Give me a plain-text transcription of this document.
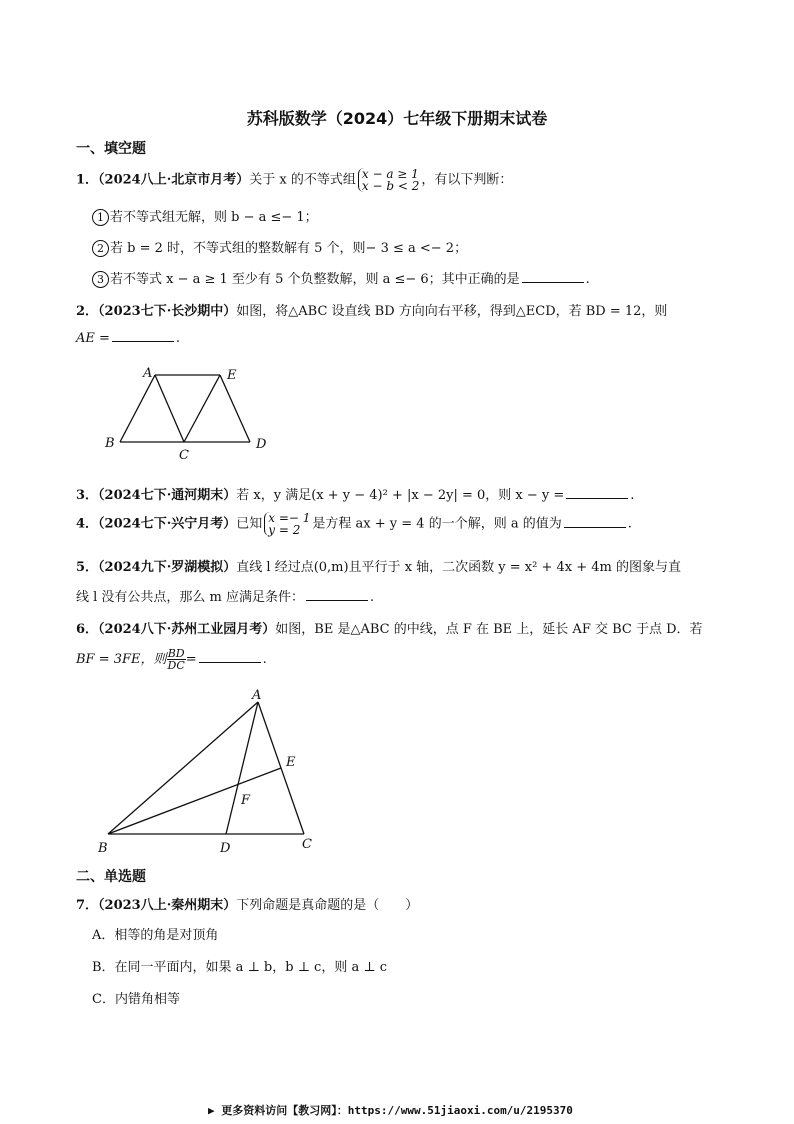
苏科版数学（2024）七年级下册期末试卷
一、填空题
1．（2024八上·北京市月考）关于 x 的不等式组 x − a ≥ 1
x − b < 2 ，有以下判断：
1 若不等式组无解，则 b − a ≤− 1；
2 若 b = 2 时，不等式组的整数解有 5 个，则− 3 ≤ a <− 2；
3 若不等式 x − a ≥ 1 至少有 5 个负整数解，则 a ≤− 6；其中正确的是	.
2．（2023七下·长沙期中）如图，将△ABC 设直线 BD 方向向右平移，得到△ECD，若 BD = 12，则
AE =	.
A	E
B
C
D
3．（2024七下·通河期末）若 x，y 满足(x + y − 4)² + |x − 2y| = 0，则 x − y =	.
4．（2024七下·兴宁月考）已知 x =− 1
y = 2 是方程 ax + y = 4 的一个解，则 a 的值为	.
5．（2024九下·罗湖模拟）直线 l 经过点(0,m)且平行于 x 轴，二次函数 y = x² + 4x + 4m 的图象与直
线 l 没有公共点，那么 m 应满足条件：	.
6．（2024八下·苏州工业园月考）如图，BE 是△ABC 的中线，点 F 在 BE 上，延长 AF 交 BC 于点 D．若
BF = 3FE，则 $\frac{BD}{DC}$ =	.
A
E
F
B	D	C
二、单选题
7．（2023八上·秦州期末）下列命题是真命题的是（　　）
A．相等的角是对顶角
B．在同一平面内，如果 a ⊥ b，b ⊥ c，则 a ⊥ c
C．内错角相等
▶ 更多资料访问【教习网】：https://www.51jiaoxi.com/u/2195370
